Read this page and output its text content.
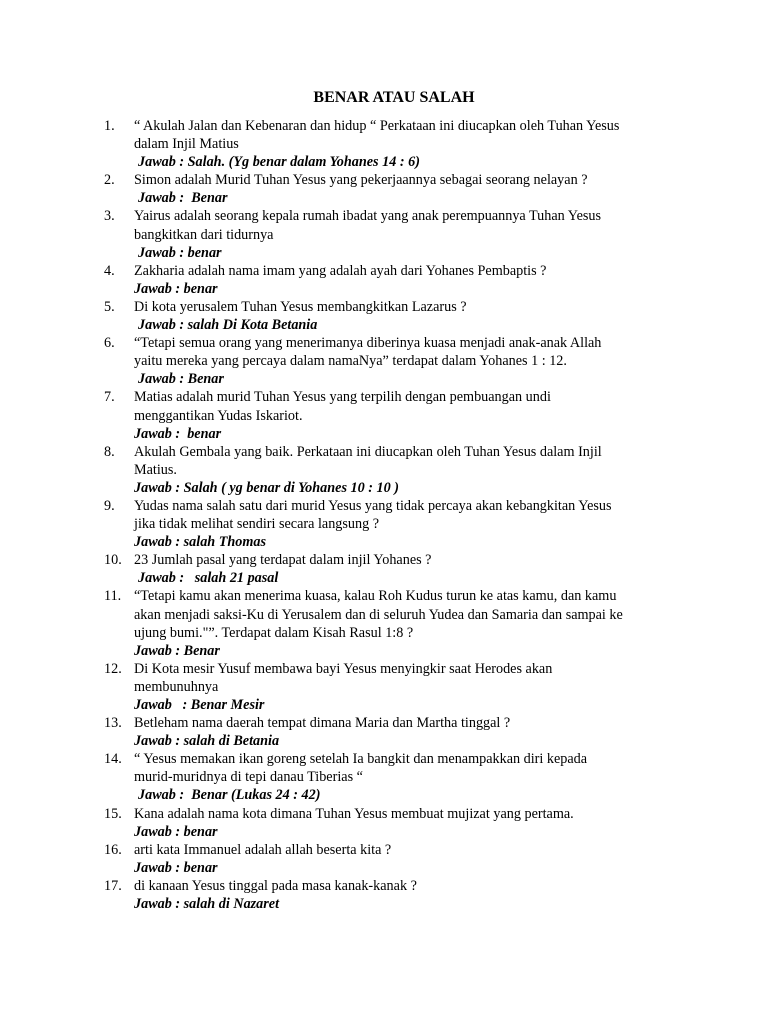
BENAR ATAU SALAH
1. “ Akulah Jalan dan Kebenaran dan hidup “ Perkataan ini diucapkan oleh Tuhan Yesus
dalam Injil Matius
Jawab : Salah. (Yg benar dalam Yohanes 14 : 6)
2. Simon adalah Murid Tuhan Yesus yang pekerjaannya sebagai seorang nelayan ?
Jawab :  Benar
3. Yairus adalah seorang kepala rumah ibadat yang anak perempuannya Tuhan Yesus
bangkitkan dari tidurnya
Jawab : benar
4. Zakharia adalah nama imam yang adalah ayah dari Yohanes Pembaptis ?
Jawab : benar
5. Di kota yerusalem Tuhan Yesus membangkitkan Lazarus ?
Jawab : salah Di Kota Betania
6. “Tetapi semua orang yang menerimanya diberinya kuasa menjadi anak-anak Allah
yaitu mereka yang percaya dalam namaNya” terdapat dalam Yohanes 1 : 12.
Jawab : Benar
7. Matias adalah murid Tuhan Yesus yang terpilih dengan pembuangan undi
menggantikan Yudas Iskariot.
Jawab :  benar
8. Akulah Gembala yang baik. Perkataan ini diucapkan oleh Tuhan Yesus dalam Injil
Matius.
Jawab : Salah ( yg benar di Yohanes 10 : 10 )
9. Yudas nama salah satu dari murid Yesus yang tidak percaya akan kebangkitan Yesus
jika tidak melihat sendiri secara langsung ?
Jawab : salah Thomas
10. 23 Jumlah pasal yang terdapat dalam injil Yohanes ?
Jawab :   salah 21 pasal
11. “Tetapi kamu akan menerima kuasa, kalau Roh Kudus turun ke atas kamu, dan kamu
akan menjadi saksi-Ku di Yerusalem dan di seluruh Yudea dan Samaria dan sampai ke
ujung bumi."”. Terdapat dalam Kisah Rasul 1:8 ?
Jawab : Benar
12. Di Kota mesir Yusuf membawa bayi Yesus menyingkir saat Herodes akan
membunuhnya
Jawab   : Benar Mesir
13. Betleham nama daerah tempat dimana Maria dan Martha tinggal ?
Jawab : salah di Betania
14. “ Yesus memakan ikan goreng setelah Ia bangkit dan menampakkan diri kepada
murid-muridnya di tepi danau Tiberias “
Jawab :  Benar (Lukas 24 : 42)
15. Kana adalah nama kota dimana Tuhan Yesus membuat mujizat yang pertama.
Jawab : benar
16. arti kata Immanuel adalah allah beserta kita ?
Jawab : benar
17. di kanaan Yesus tinggal pada masa kanak-kanak ?
Jawab : salah di Nazaret
